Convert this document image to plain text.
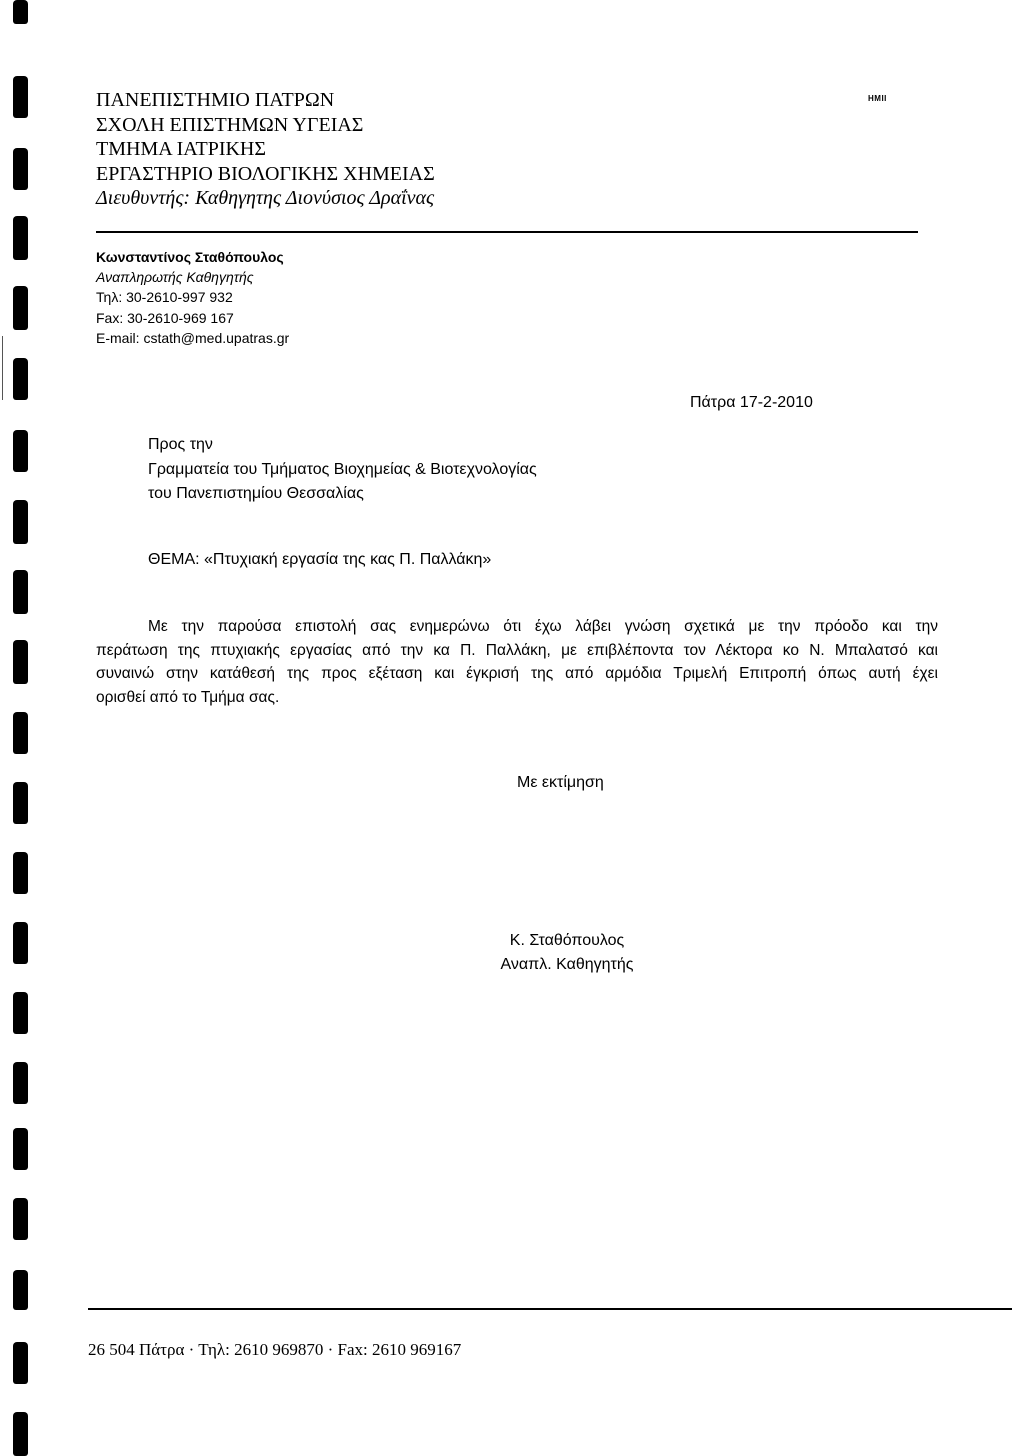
ΠΑΝΕΠΙΣΤΗΜΙΟ ΠΑΤΡΩΝ
ΣΧΟΛΗ ΕΠΙΣΤΗΜΩΝ ΥΓΕΙΑΣ
ΤΜΗΜΑ ΙΑΤΡΙΚΗΣ
ΕΡΓΑΣΤΗΡΙΟ ΒΙΟΛΟΓΙΚΗΣ ΧΗΜΕΙΑΣ
Διευθυντής: Καθηγητης Διονύσιος Δραΐνας
ΗΜΙΙ
Κωνσταντίνος Σταθόπουλος
Αναπληρωτής Καθηγητής
Τηλ: 30-2610-997 932
Fax: 30-2610-969 167
E-mail: cstath@med.upatras.gr
Πάτρα 17-2-2010
Προς την
Γραμματεία του Τμήματος Βιοχημείας & Βιοτεχνολογίας
του Πανεπιστημίου Θεσσαλίας
ΘΕΜΑ: «Πτυχιακή εργασία της κας Π. Παλλάκη»
Με την παρούσα επιστολή σας ενημερώνω ότι έχω λάβει γνώση σχετικά με την πρόοδο και την
περάτωση της πτυχιακής εργασίας από την κα Π. Παλλάκη, με επιβλέποντα τον Λέκτορα κο Ν. Μπαλατσό και
συναινώ στην κατάθεσή της προς εξέταση και έγκρισή της από αρμόδια Τριμελή Επιτροπή όπως αυτή έχει
ορισθεί από το Τμήμα σας.
Με εκτίμηση
Κ. Σταθόπουλος
Αναπλ. Καθηγητής
26 504 Πάτρα · Τηλ: 2610 969870 · Fax: 2610 969167
